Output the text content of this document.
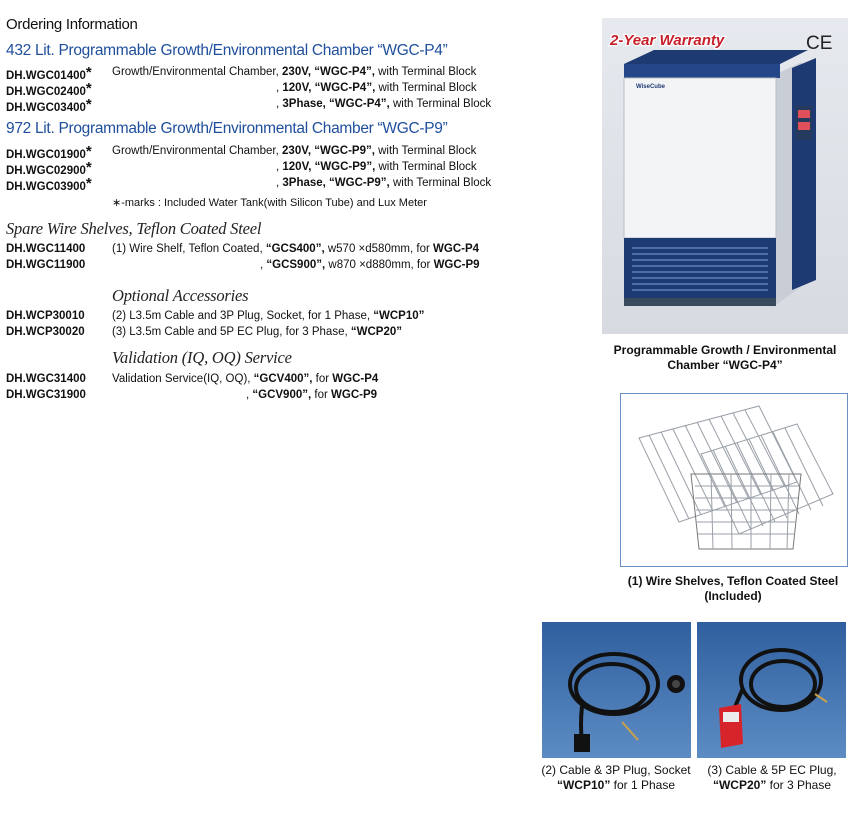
Ordering Information
432 Lit. Programmable Growth/Environmental Chamber “WGC-P4”
DH.WGC01400* Growth/Environmental Chamber, 230V, “WGC-P4”, with Terminal Block
DH.WGC02400*	, 120V, “WGC-P4”, with Terminal Block
DH.WGC03400*	, 3Phase, “WGC-P4”, with Terminal Block
972 Lit. Programmable Growth/Environmental Chamber “WGC-P9”
DH.WGC01900* Growth/Environmental Chamber, 230V, “WGC-P9”, with Terminal Block
DH.WGC02900*	, 120V, “WGC-P9”, with Terminal Block
DH.WGC03900*	, 3Phase, “WGC-P9”, with Terminal Block
∗-marks : Included Water Tank(with Silicon Tube) and Lux Meter
Spare Wire Shelves, Teflon Coated Steel
DH.WGC11400 (1) Wire Shelf, Teflon Coated, “GCS400”, w570 ×d580mm, for WGC-P4
DH.WGC11900	, “GCS900”, w870 ×d880mm, for WGC-P9
Optional Accessories
DH.WCP30010 (2) L3.5m Cable and 3P Plug, Socket, for 1 Phase, “WCP10”
DH.WCP30020 (3) L3.5m Cable and 5P EC Plug, for 3 Phase, “WCP20”
Validation (IQ, OQ) Service
DH.WGC31400 Validation Service(IQ, OQ), “GCV400”, for WGC-P4
DH.WGC31900	, “GCV900”, for WGC-P9
2-Year Warranty	CE
WiseCube
Programmable Growth / Environmental
Chamber “WGC-P4”
(1) Wire Shelves, Teflon Coated Steel
(Included)
(2) Cable & 3P Plug, Socket
“WCP10” for 1 Phase
(3) Cable & 5P EC Plug,
“WCP20” for 3 Phase
